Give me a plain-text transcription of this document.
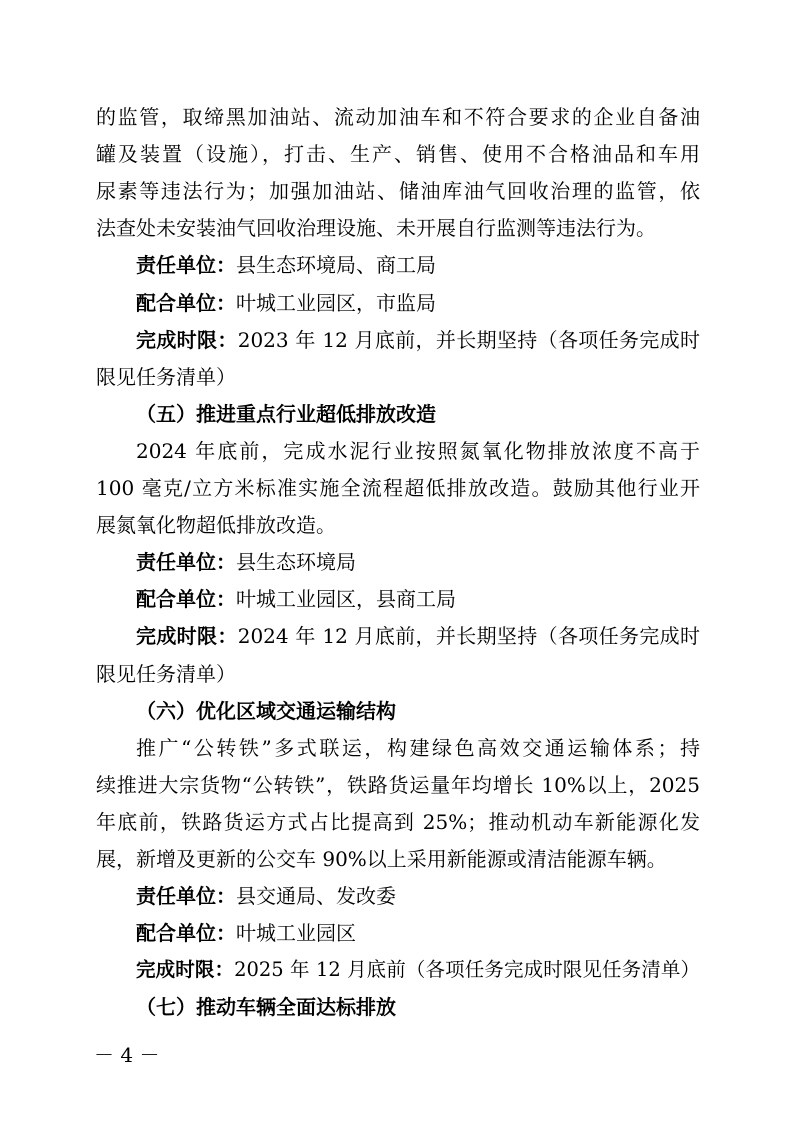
的监管，取缔黑加油站、流动加油车和不符合要求的企业自备油
罐及装置（设施），打击、生产、销售、使用不合格油品和车用
尿素等违法行为；加强加油站、储油库油气回收治理的监管，依
法查处未安装油气回收治理设施、未开展自行监测等违法行为。
责任单位：县生态环境局、商工局
配合单位：叶城工业园区，市监局
完成时限：2023 年 12 月底前，并长期坚持（各项任务完成时
限见任务清单）
（五）推进重点行业超低排放改造
2024 年底前，完成水泥行业按照氮氧化物排放浓度不高于
100 毫克/立方米标准实施全流程超低排放改造。鼓励其他行业开
展氮氧化物超低排放改造。
责任单位：县生态环境局
配合单位：叶城工业园区，县商工局
完成时限：2024 年 12 月底前，并长期坚持（各项任务完成时
限见任务清单）
（六）优化区域交通运输结构
推广“公转铁”多式联运，构建绿色高效交通运输体系；持
续推进大宗货物“公转铁”，铁路货运量年均增长 10%以上，2025
年底前，铁路货运方式占比提高到 25%；推动机动车新能源化发
展，新增及更新的公交车 90%以上采用新能源或清洁能源车辆。
责任单位：县交通局、发改委
配合单位：叶城工业园区
完成时限：2025 年 12 月底前（各项任务完成时限见任务清单）
（七）推动车辆全面达标排放
－ 4 －
